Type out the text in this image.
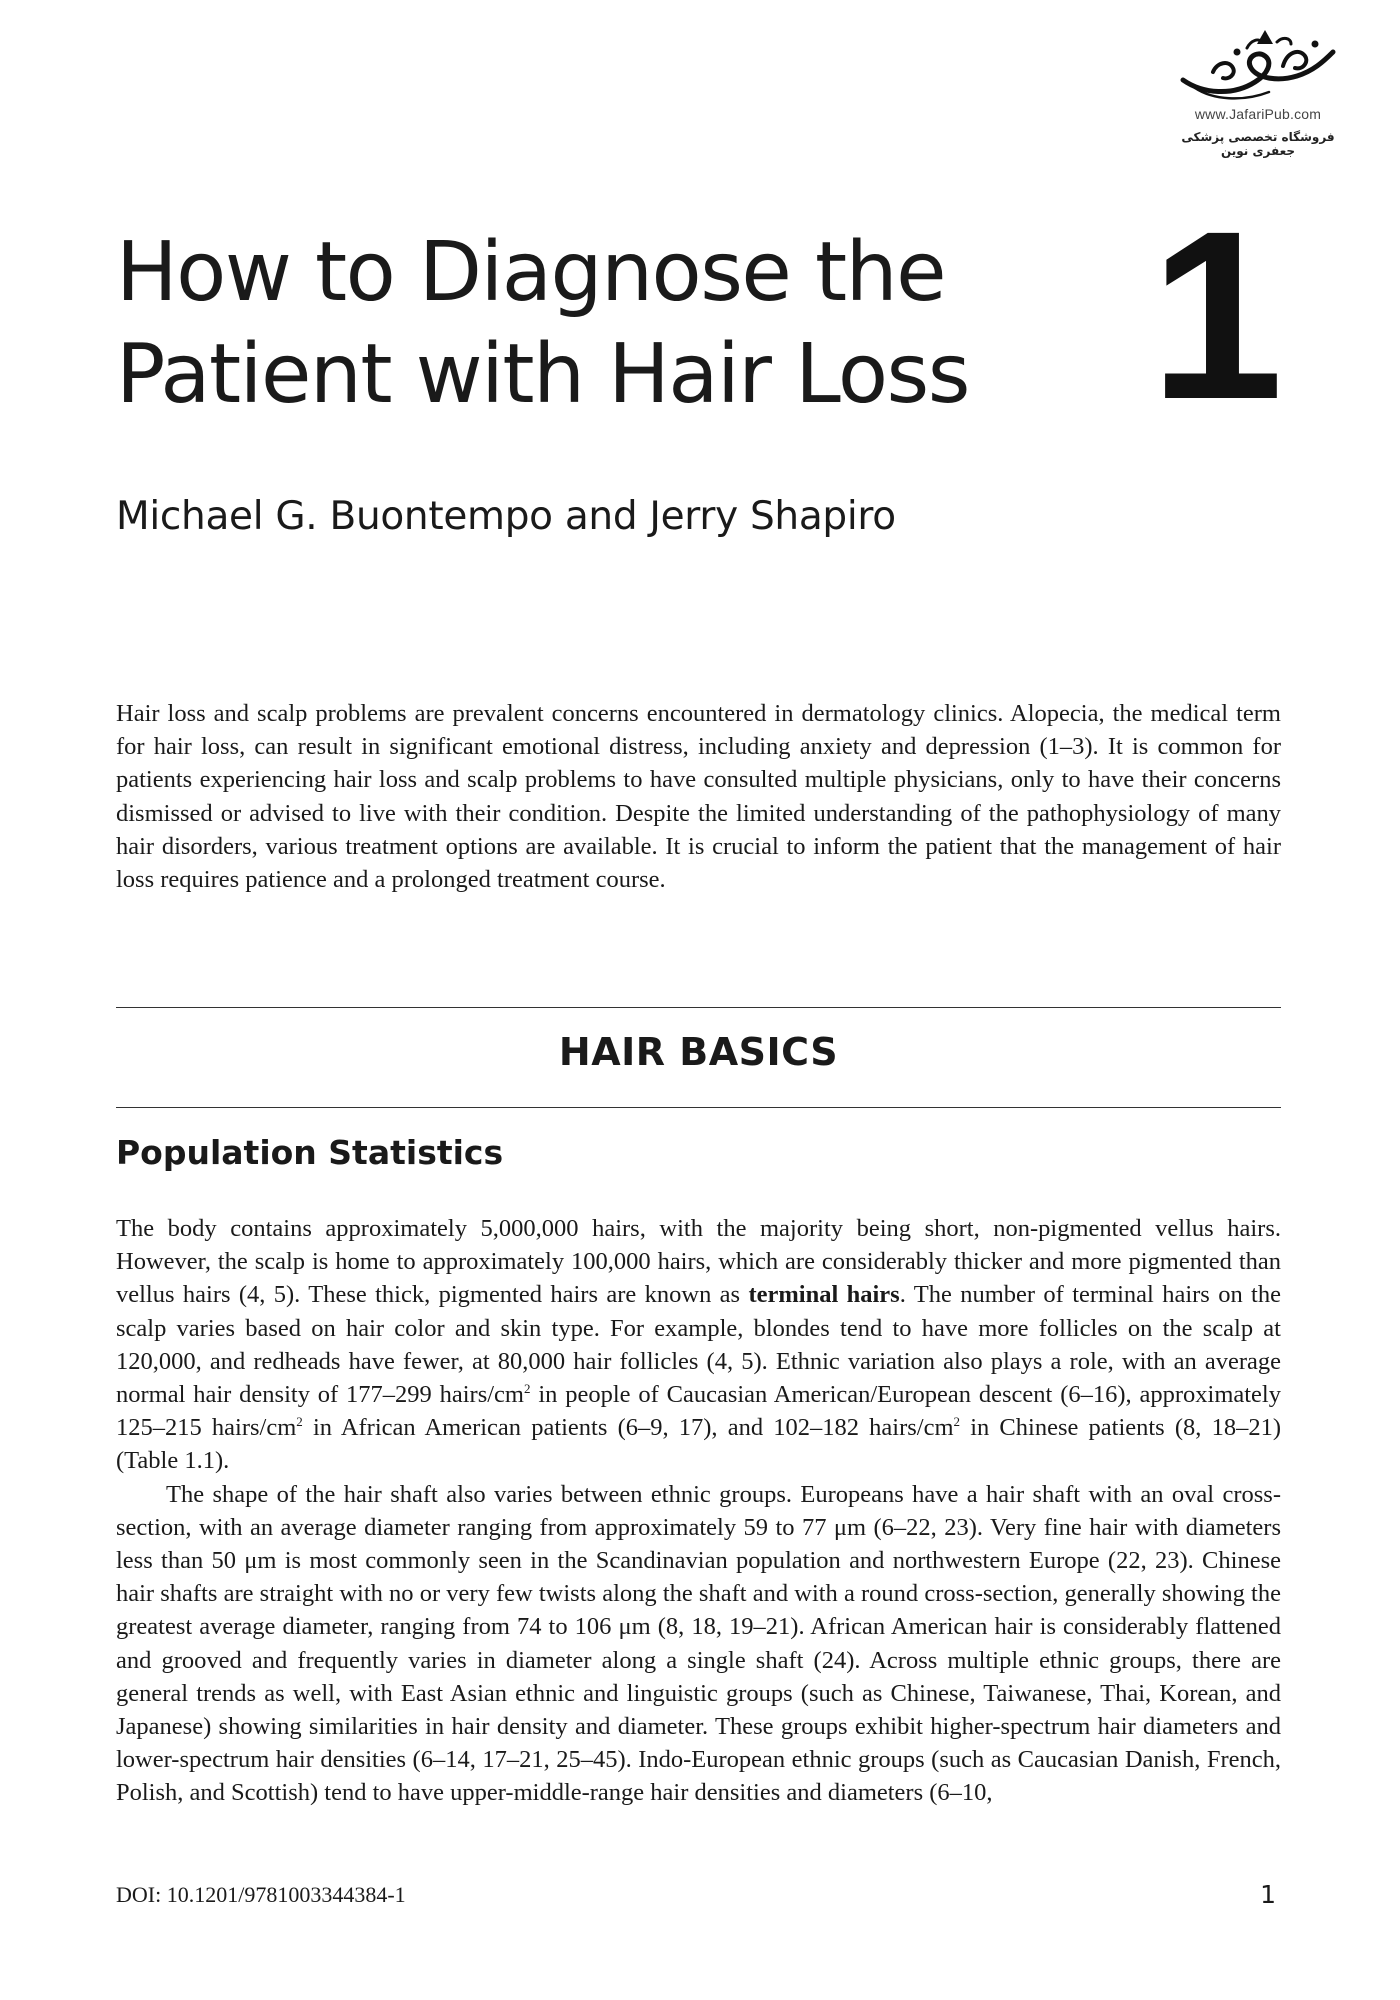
www.JafariPub.com
فروشگاه تخصصی پزشکی جعفری نوین
How to Diagnose the
Patient with Hair Loss 1
Michael G. Buontempo and Jerry Shapiro

Hair loss and scalp problems are prevalent concerns encountered in dermatology clinics. Alopecia, the medical term for hair loss, can result in significant emotional distress, including anxiety and depression (1–3). It is common for patients experiencing hair loss and scalp problems to have consulted multiple physicians, only to have their concerns dismissed or advised to live with their condition. Despite the limited understanding of the pathophysiology of many hair disorders, various treatment options are available. It is crucial to inform the patient that the management of hair loss requires patience and a prolonged treatment course.

HAIR BASICS
Population Statistics

The body contains approximately 5,000,000 hairs, with the majority being short, non-pigmented vellus hairs. However, the scalp is home to approximately 100,000 hairs, which are considerably thicker and more pigmented than vellus hairs (4, 5). These thick, pigmented hairs are known as terminal hairs. The number of terminal hairs on the scalp varies based on hair color and skin type. For example, blondes tend to have more follicles on the scalp at 120,000, and redheads have fewer, at 80,000 hair follicles (4, 5). Ethnic variation also plays a role, with an average normal hair density of 177–299 hairs/$cm^2$ in people of Caucasian American/European descent (6–16), approximately 125–215 hairs/$cm^2$ in African American patients (6–9, 17), and 102–182 hairs/$cm^2$ in Chinese patients (8, 18–21) (Table 1.1).

The shape of the hair shaft also varies between ethnic groups. Europeans have a hair shaft with an oval cross-section, with an average diameter ranging from approximately 59 to 77 μm (6–22, 23). Very fine hair with diameters less than 50 μm is most commonly seen in the Scandinavian population and northwestern Europe (22, 23). Chinese hair shafts are straight with no or very few twists along the shaft and with a round cross-section, generally showing the greatest average diameter, ranging from 74 to 106 μm (8, 18, 19–21). African American hair is considerably flattened and grooved and frequently varies in diameter along a single shaft (24). Across multiple ethnic groups, there are general trends as well, with East Asian ethnic and linguistic groups (such as Chinese, Taiwanese, Thai, Korean, and Japanese) showing similarities in hair density and diameter. These groups exhibit higher-spectrum hair diameters and lower-spectrum hair densities (6–14, 17–21, 25–45). Indo-European ethnic groups (such as Caucasian Danish, French, Polish, and Scottish) tend to have upper-middle-range hair densities and diameters (6–10,

DOI: 10.1201/9781003344384-1	1
